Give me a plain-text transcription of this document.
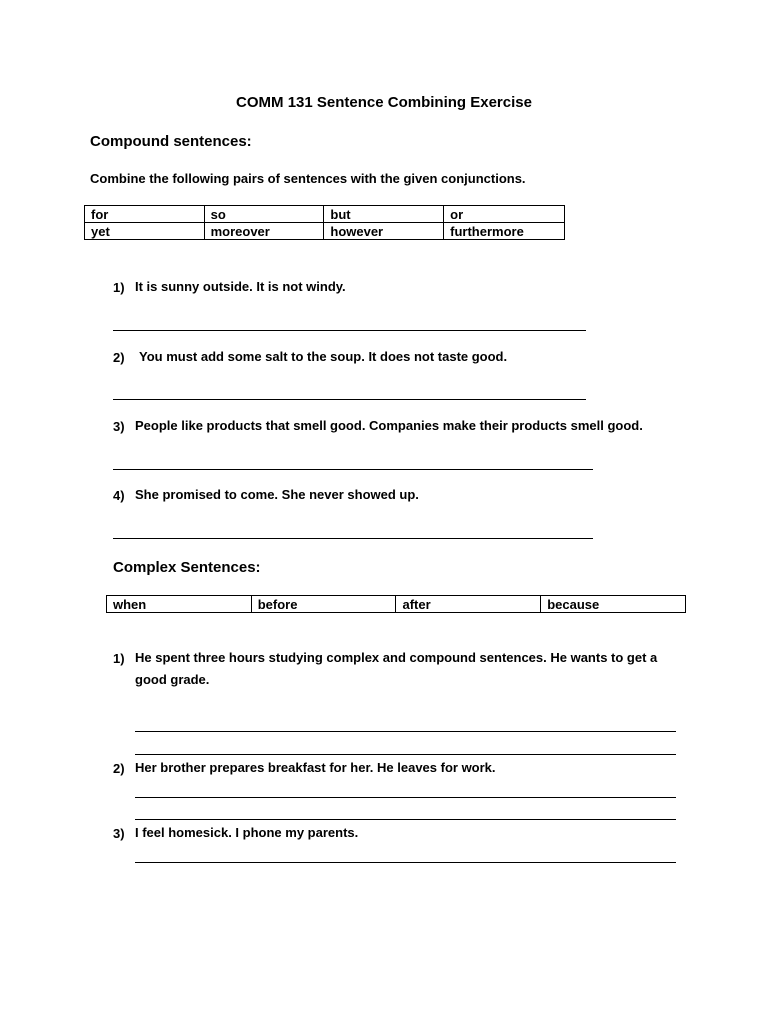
COMM 131 Sentence Combining Exercise
Compound sentences:
Combine the following pairs of sentences with the given conjunctions.
for	so	but	or
yet	moreover	however	furthermore
1) It is sunny outside. It is not windy.
2) You must add some salt to the soup. It does not taste good.
3) People like products that smell good. Companies make their products smell good.
4) She promised to come. She never showed up.
Complex Sentences:
when	before	after	because
1) He spent three hours studying complex and compound sentences. He wants to get a
good grade.
2) Her brother prepares breakfast for her. He leaves for work.
3) I feel homesick. I phone my parents.
